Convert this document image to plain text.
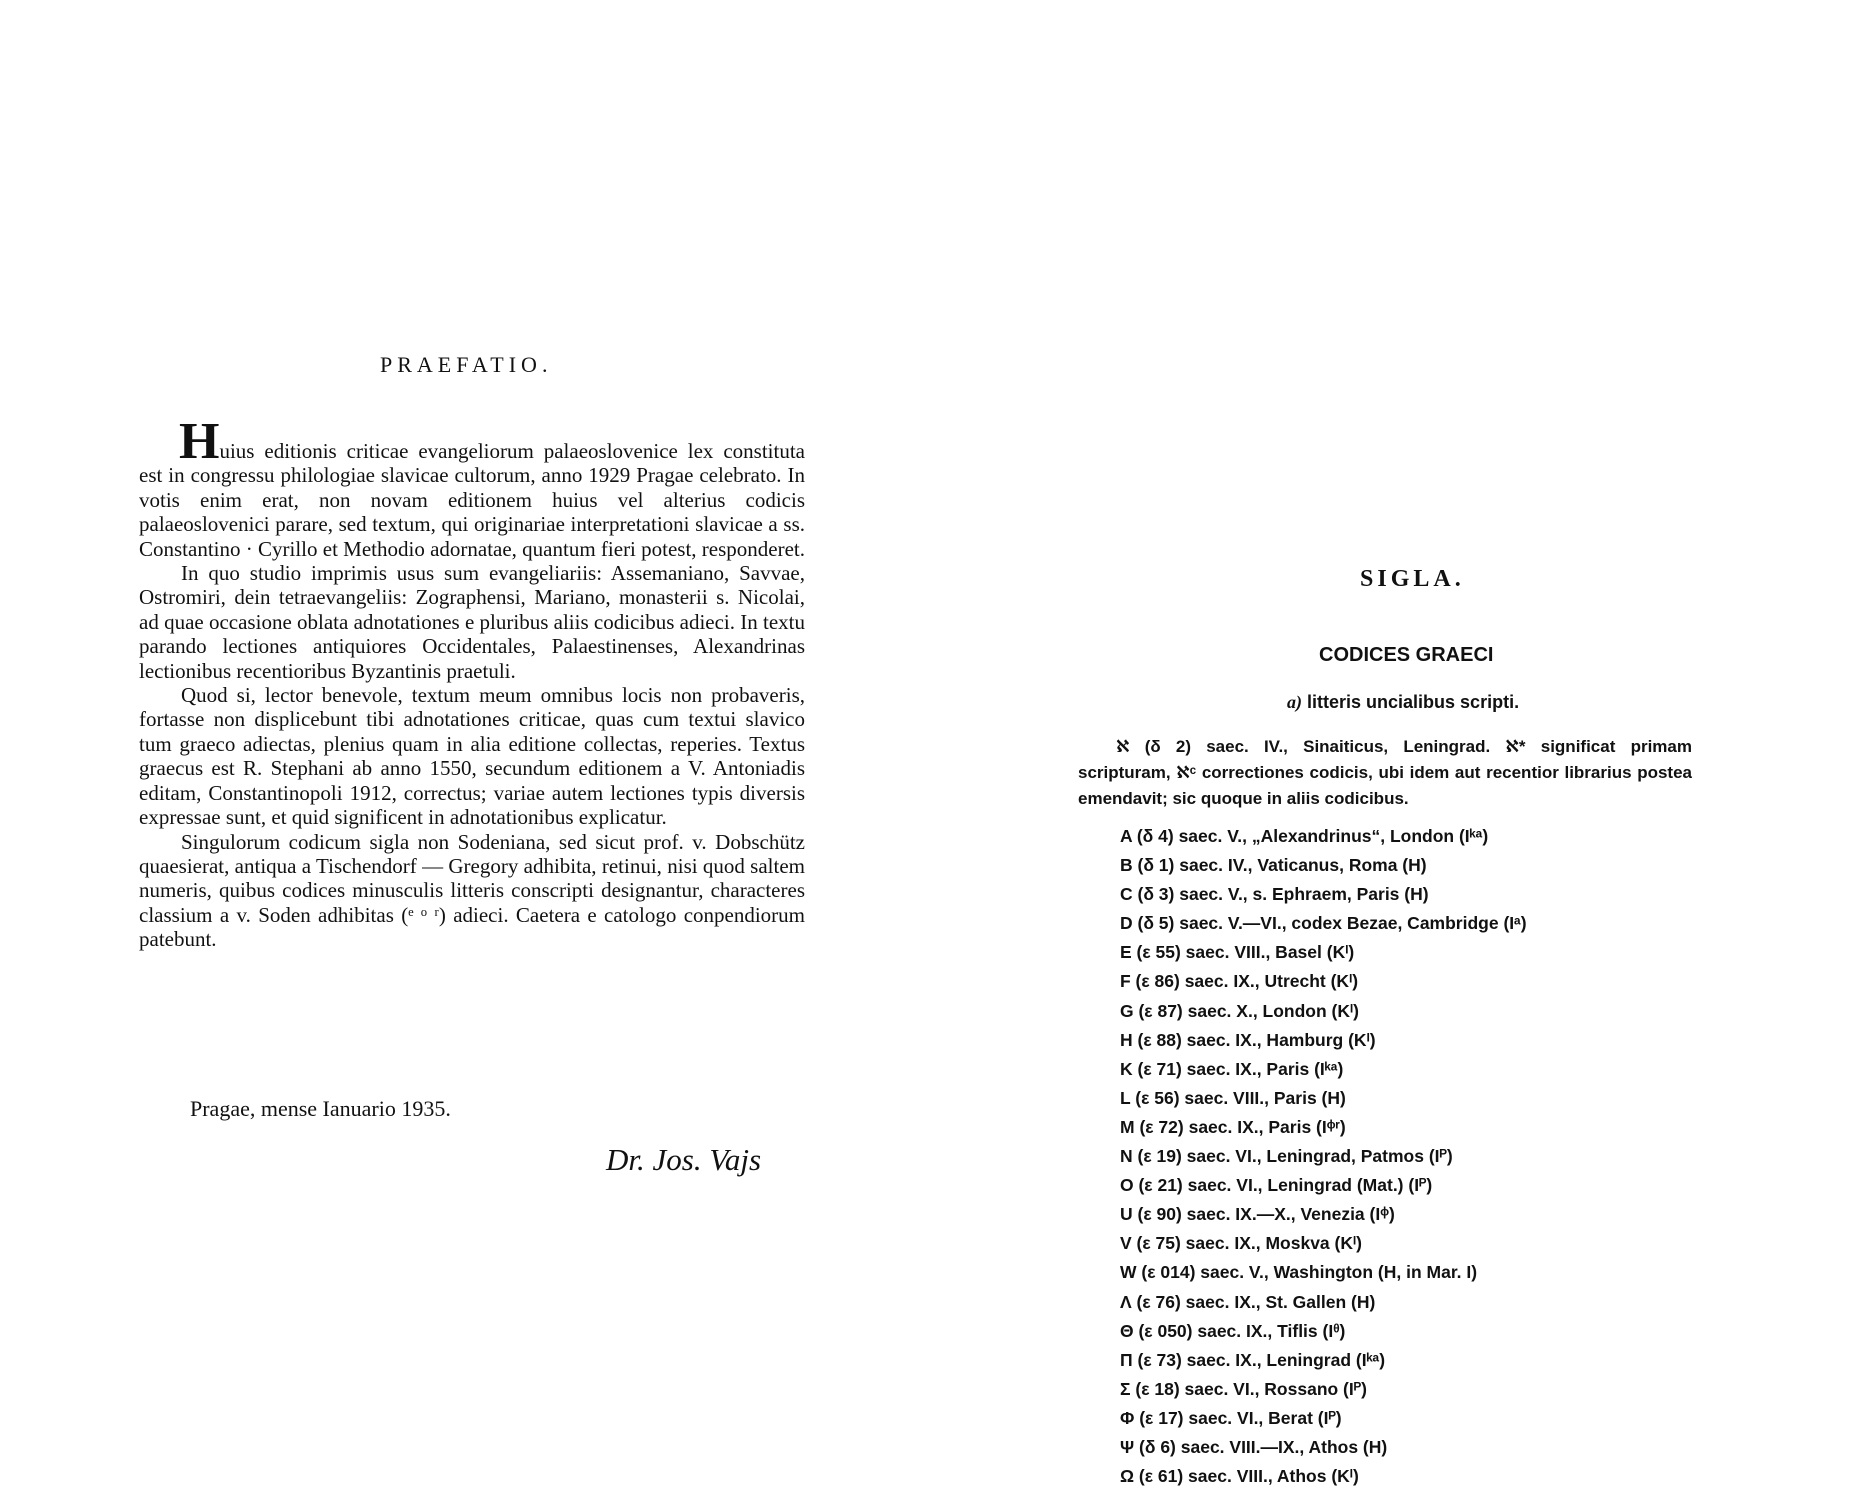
PRAEFATIO.

Huius editionis criticae evangeliorum palaeoslovenice lex constituta est in congressu philologiae slavicae cultorum, anno 1929 Pragae celebrato. In votis enim erat, non novam editionem huius vel alterius codicis palaeoslovenici parare, sed textum, qui originariae interpretationi slavicae a ss. Constantino · Cyrillo et Methodio adornatae, quantum fieri potest, responderet.

In quo studio imprimis usus sum evangeliariis: Assemaniano, Savvae, Ostromiri, dein tetraevangeliis: Zographensi, Mariano, monasterii s. Nicolai, ad quae occasione oblata adnotationes e pluribus aliis codicibus adieci. In textu parando lectiones antiquiores Occidentales, Palaestinenses, Alexandrinas lectionibus recentioribus Byzantinis praetuli.

Quod si, lector benevole, textum meum omnibus locis non probaveris, fortasse non displicebunt tibi adnotationes criticae, quas cum textui slavico tum graeco adiectas, plenius quam in alia editione collectas, reperies. Textus graecus est R. Stephani ab anno 1550, secundum editionem a V. Antoniadis editam, Constantinopoli 1912, correctus; variae autem lectiones typis diversis expressae sunt, et quid significent in adnotationibus explicatur.

Singulorum codicum sigla non Sodeniana, sed sicut prof. v. Dobschütz quaesierat, antiqua a Tischendorf — Gregory adhibita, retinui, nisi quod saltem numeris, quibus codices minusculis litteris conscripti designantur, characteres classium a v. Soden adhibitas (ᵉ ᵒ ʳ) adieci. Caetera e catologo conpendiorum patebunt.

Pragae, mense Ianuario 1935.
Dr. Jos. Vajs
SIGLA.
CODICES GRAECI
a) litteris uncialibus scripti.
ℵ (δ 2) saec. IV., Sinaiticus, Leningrad. ℵ* significat primam scripturam, ℵᶜ correctiones codicis, ubi idem aut recentior librarius postea emendavit; sic quoque in aliis codicibus.
A (δ 4) saec. V., „Alexandrinus“, London (Iᵏᵃ)
B (δ 1) saec. IV., Vaticanus, Roma (H)
C (δ 3) saec. V., s. Ephraem, Paris (H)
D (δ 5) saec. V.—VI., codex Bezae, Cambridge (Iᵃ)
E (ε 55) saec. VIII., Basel (Kᴵ)
F (ε 86) saec. IX., Utrecht (Kᴵ)
G (ε 87) saec. X., London (Kᴵ)
H (ε 88) saec. IX., Hamburg (Kᴵ)
K (ε 71) saec. IX., Paris (Iᵏᵃ)
L (ε 56) saec. VIII., Paris (H)
M (ε 72) saec. IX., Paris (Iᶲʳ)
N (ε 19) saec. VI., Leningrad, Patmos (Iᴾ)
O (ε 21) saec. VI., Leningrad (Mat.) (Iᴾ)
U (ε 90) saec. IX.—X., Venezia (Iᶲ)
V (ε 75) saec. IX., Moskva (Kᴵ)
W (ε 014) saec. V., Washington (H, in Mar. I)
Λ (ε 76) saec. IX., St. Gallen (H)
Θ (ε 050) saec. IX., Tiflis (Iᶿ)
Π (ε 73) saec. IX., Leningrad (Iᵏᵃ)
Σ (ε 18) saec. VI., Rossano (Iᴾ)
Φ (ε 17) saec. VI., Berat (Iᴾ)
Ψ (δ 6) saec. VIII.—IX., Athos (H)
Ω (ε 61) saec. VIII., Athos (Kᴵ)
